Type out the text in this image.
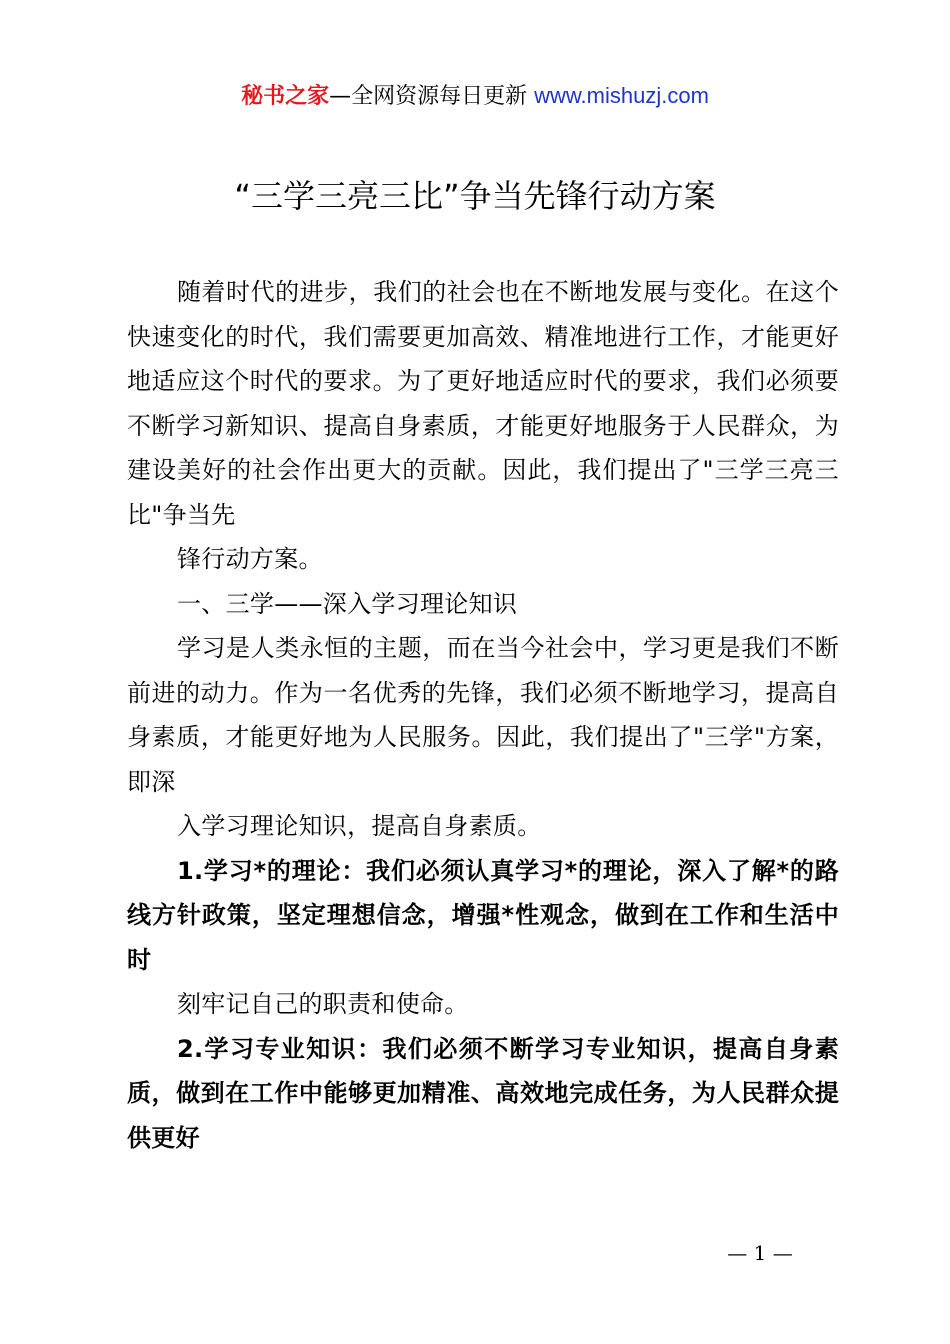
秘书之家—全网资源每日更新 www.mishuzj.com
“三学三亮三比”争当先锋行动方案

随着时代的进步，我们的社会也在不断地发展与变化。在这个快速变化的时代，我们需要更加高效、精准地进行工作，才能更好地适应这个时代的要求。为了更好地适应时代的要求，我们必须要不断学习新知识、提高自身素质，才能更好地服务于人民群众，为建设美好的社会作出更大的贡献。因此，我们提出了"三学三亮三比"争当先

锋行动方案。

一、三学——深入学习理论知识

学习是人类永恒的主题，而在当今社会中，学习更是我们不断前进的动力。作为一名优秀的先锋，我们必须不断地学习，提高自身素质，才能更好地为人民服务。因此，我们提出了"三学"方案，即深

入学习理论知识，提高自身素质。

1.学习*的理论：我们必须认真学习*的理论，深入了解*的路线方针政策，坚定理想信念，增强*性观念，做到在工作和生活中时

刻牢记自己的职责和使命。

2.学习专业知识：我们必须不断学习专业知识，提高自身素质，做到在工作中能够更加精准、高效地完成任务，为人民群众提供更好

— 1 —
